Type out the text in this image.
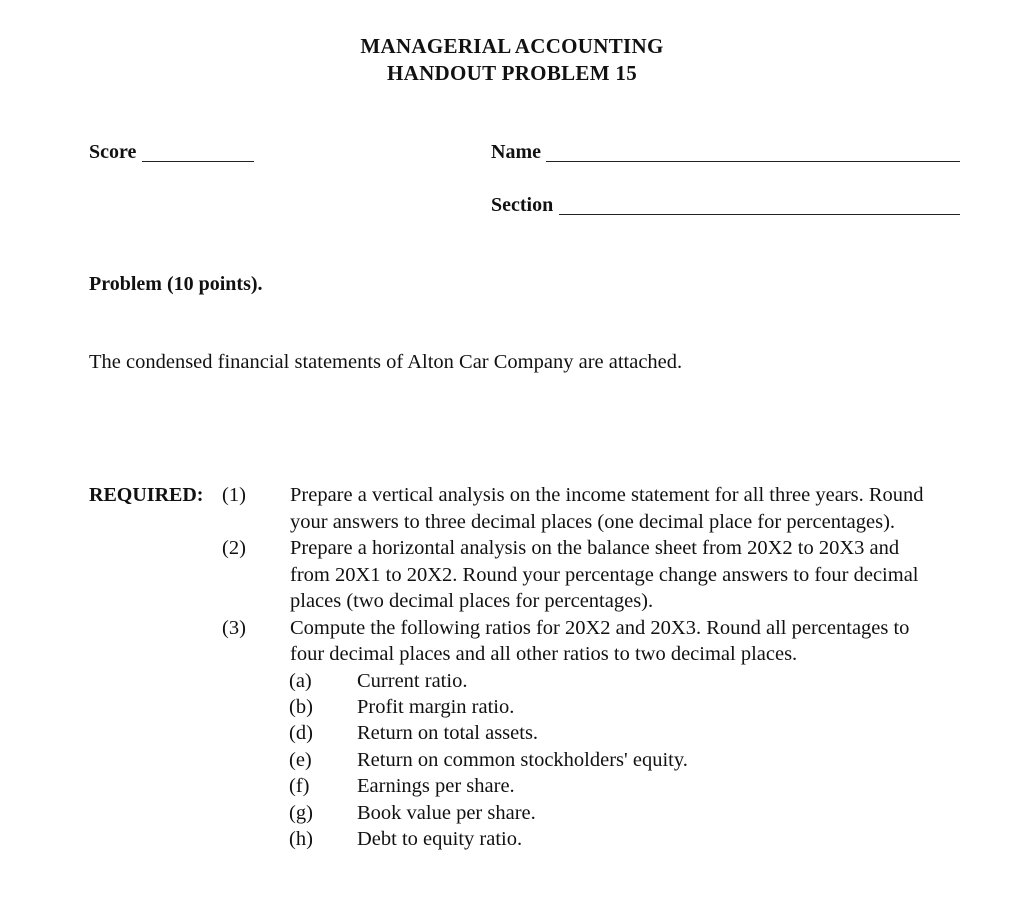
MANAGERIAL ACCOUNTING
HANDOUT PROBLEM 15
Score	Name
Section
Problem (10 points).
The condensed financial statements of Alton Car Company are attached.
REQUIRED: (1) Prepare a vertical analysis on the income statement for all three years. Round
your answers to three decimal places (one decimal place for percentages).
(2) Prepare a horizontal analysis on the balance sheet from 20X2 to 20X3 and
from 20X1 to 20X2. Round your percentage change answers to four decimal
places (two decimal places for percentages).
(3) Compute the following ratios for 20X2 and 20X3. Round all percentages to
four decimal places and all other ratios to two decimal places.
(a) Current ratio.
(b) Profit margin ratio.
(d) Return on total assets.
(e) Return on common stockholders' equity.
(f) Earnings per share.
(g) Book value per share.
(h) Debt to equity ratio.
